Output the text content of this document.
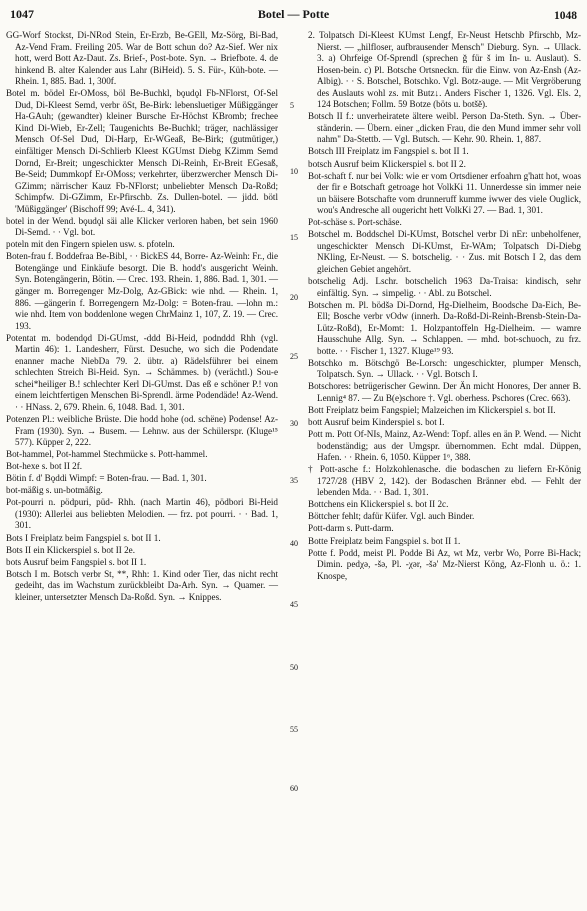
1047	Botel — Potte	1048

GG-Worf Stockst, Di-NRod Stein, Er-Erzb, Be-GEll, Mz-Sörg, Bi-Bad, Az-Vend Fram. Freiling 205. War de Bott schun do? Az-Sief. Wer nix hott, werd Bott Az-Daut. Zs. Brief-, Post-bote. Syn. → Briefbote. 4. de hinkend B. alter Kalender aus Lahr (BiHeid). 5. S. Für-, Küh-bote. — Rhein. 1, 885. Bad. 1, 300f.

Botel m. bödel Er-OMoss, böl Be-Buchkl, bǫudǫl Fb-NFlorst, Of-Sel Dud, Di-Kleest Semd, verbr öSt, Be-Birk: lebensluetiger Müßiggänger Ha-GAuh; (gewandter) kleiner Bursche Er-Höchst KBromb; frechee Kind Di-Wieb, Er-Zell; Taugenichts Be-Buchkl; träger, nachlässiger Mensch Of-Sel Dud, Di-Harp, Er-WGeaß, Be-Birk; (gutmütiger,) einfältiger Mensch Di-Schlierb Kleest KGUmst Diebg KZimm Semd Dornd, Er-Breit; ungeschickter Mensch Di-Reinh, Er-Breit EGesaß, Be-Seid; Dummkopf Er-OMoss; verkehrter, überzwercher Mensch Di-GZimm; närrischer Kauz Fb-NFlorst; unbeliebter Mensch Da-Roßd; Schimpfw. Di-GZimm, Er-Pfirschb. Zs. Dullen-botel. — jidd. bötl 'Müßiggänger' (Bischoff 99; Avé-L. 4, 341).

botel in der Wend. bǫudǫl säi alle Klicker verloren haben, bet sein 1960 Di-Semd. · · Vgl. bot.

poteln mit den Fingern spielen usw. s. pfoteln.

Boten-frau f. Boddefraa Be-Bibl, · · BickES 44, Borre- Az-Weinh: Fr., die Botengänge und Einkäufe besorgt. Die B. hodd's ausgericht Weinh. Syn. Botengängerin, Bötin. — Crec. 193. Rhein. 1, 886. Bad. 1, 301. —gänger m. Borregenger Mz-Dolg, Az-GBick: wie nhd. — Rhein. 1, 886. —gängerin f. Borregengern Mz-Dolg: = Boten-frau. —lohn m.: wie nhd. Item von boddenlone wegen ChrMainz 1, 107, Z. 19. — Crec. 193.

Potentat m. bodendǫd Di-GUmst, -ddd Bi-Heid, podnddd Rhh (vgl. Martin 46): 1. Landesherr, Fürst. Desuche, wo sich die Podendate enanner mache NiebDa 79. 2. übtr. a) Rädelsführer bei einem schlechten Streich Bi-Heid. Syn. → Schämmes. b) (verächtl.) Sou-e schei*heiliger B.! schlechter Kerl Di-GUmst. Das eß e schöner P.! von einem leichtfertigen Menschen Bi-Sprendl. ärme Podendäde! Az-Wend. · · HNass. 2, 679. Rhein. 6, 1048. Bad. 1, 301.

Potenzen Pl.: weibliche Brüste. Die hodd hohe (od. schëne) Podense! Az-Fram (1930). Syn. → Busem. — Lehnw. aus der Schülerspr. (Kluge¹⁵ 577). Küpper 2, 222.

Bot-hammel, Pot-hammel Stechmücke s. Pott-hammel.

Bot-hexe s. bot II 2f.

Bötin f. d' Bǫddi Wimpf: = Boten-frau. — Bad. 1, 301.

bot-mäßig s. un-botmäßig.

Pot-pourri n. pödpuri, püd- Rhh. (nach Martin 46), pödbori Bi-Heid (1930): Allerlei aus beliebten Melodien. — frz. pot pourri. · · Bad. 1, 301.

Bots I Freiplatz beim Fangspiel s. bot II 1.

Bots II ein Klickerspiel s. bot II 2e.

bots Ausruf beim Fangspiel s. bot II 1.

Botsch I m. Botsch verbr St, **, Rhh: 1. Kind oder Tier, das nicht recht gedeiht, das im Wachstum zurückbleibt Da-Arh. Syn. → Quamer. — kleiner, untersetzter Mensch Da-Roßd. Syn. → Knippes.

5
10
15
20
25
30
35
40
45
50
55
60

2. Tolpatsch Di-Kleest KUmst Lengf, Er-Neust Hetschb Pfirschb, Mz-Nierst. — „hilfloser, aufbrausender Mensch" Dieburg. Syn. → Ullack. 3. a) Ohrfeige Of-Sprendl (sprechen ǧ für š im In- u. Auslaut). S. Hosen-bein. c) Pl. Botsche Ortsneckn. für die Einw. von Az-Ensh (Az-Albig). · · S. Botschel, Botschko. Vgl. Botz-auge. — Mit Vergröberung des Auslauts wohl zs. mit Butz↓. Anders Fischer 1, 1326. Vgl. Els. 2, 124 Botschen; Follm. 59 Botze (böts u. botšě).

Botsch II f.: unverheiratete ältere weibl. Person Da-Steth. Syn. → Über-ständerin. — Übern. einer „dicken Frau, die den Mund immer sehr voll nahm" Da-Stettb. — Vgl. Butsch. — Kehr. 90. Rhein. 1, 887.

Botsch III Freiplatz im Fangspiel s. bot II 1.

botsch Ausruf beim Klickerspiel s. bot II 2.

Bot-schaft f. nur bei Volk: wie er vom Ortsdiener erfoahrn g'hatt hot, woas der fir e Botschaft getroage hot VolkKi 11. Unnerdesse sin immer neie un bäisere Botschafte vom drunneruff kumme iwwer des viele Ouglick, wou's Andresche all ougericht hett VolkKi 27. — Bad. 1, 301.

Pot-schäse s. Port-schäse.

Botschel m. Boddschel Di-KUmst, Botschel verbr Di nEr: unbeholfener, ungeschickter Mensch Di-KUmst, Er-WAm; Tolpatsch Di-Diebg NKling, Er-Neust. — S. botschelig. · · Zus. mit Botsch I 2, das dem gleichen Gebiet angehört.

botschelig Adj. Lschr. botschelich 1963 Da-Traisa: kindisch, sehr einfältig. Syn. → simpelig. · · Abl. zu Botschel.

Botschen m. Pl. bödšǝ Di-Dornd, Hg-Dielheim, Boodsche Da-Eich, Be-Ell; Bosche verbr vOdw (innerh. Da-Roßd-Di-Reinh-Brensb-Stein-Da-Lütz-Roßd), Er-Momt: 1. Holzpantoffeln Hg-Dielheim. — wamre Hausschuhe Allg. Syn. → Schlappen. — mhd. bot-schuoch, zu frz. botte. · · Fischer 1, 1327. Kluge¹⁹ 93.

Botschko m. Bötschgö Be-Lorsch: ungeschickter, plumper Mensch, Tolpatsch. Syn. → Ullack. · · Vgl. Botsch I.

Botschores: betrügerischer Gewinn. Der Än micht Honores, Der anner B. Lennig⁴ 87. — Zu B(e)schore †. Vgl. oberhess. Pschores (Crec. 663).

Bott Freiplatz beim Fangspiel; Malzeichen im Klickerspiel s. bot II.

bott Ausruf beim Kinderspiel s. bot I.

Pott m. Pott Of-NIs, Mainz, Az-Wend: Topf. alles en än P. Wend. — Nicht bodenständig; aus der Umgspr. übernommen. Echt mdal. Düppen, Hafen. · · Rhein. 6, 1050. Küpper 1⁶, 388.

† Pott-asche f.: Holzkohlenasche. die bodaschen zu liefern Er-König 1727/28 (HBV 2, 142). der Bodaschen Bränner ebd. — Fehlt der lebenden Mda. · · Bad. 1, 301.

Bottchens ein Klickerspiel s. bot II 2c.

Böttcher fehlt; dafür Küfer. Vgl. auch Binder.

Pott-darm s. Putt-darm.

Botte Freiplatz beim Fangspiel s. bot II 1.

Potte f. Podd, meist Pl. Podde Bi Az, wt Mz, verbr Wo, Porre Bi-Hack; Dimin. pedχǝ, -šǝ, Pl. -χǝr, -šǝ' Mz-Nierst Köng, Az-Flonh u. ö.: 1. Knospe,
